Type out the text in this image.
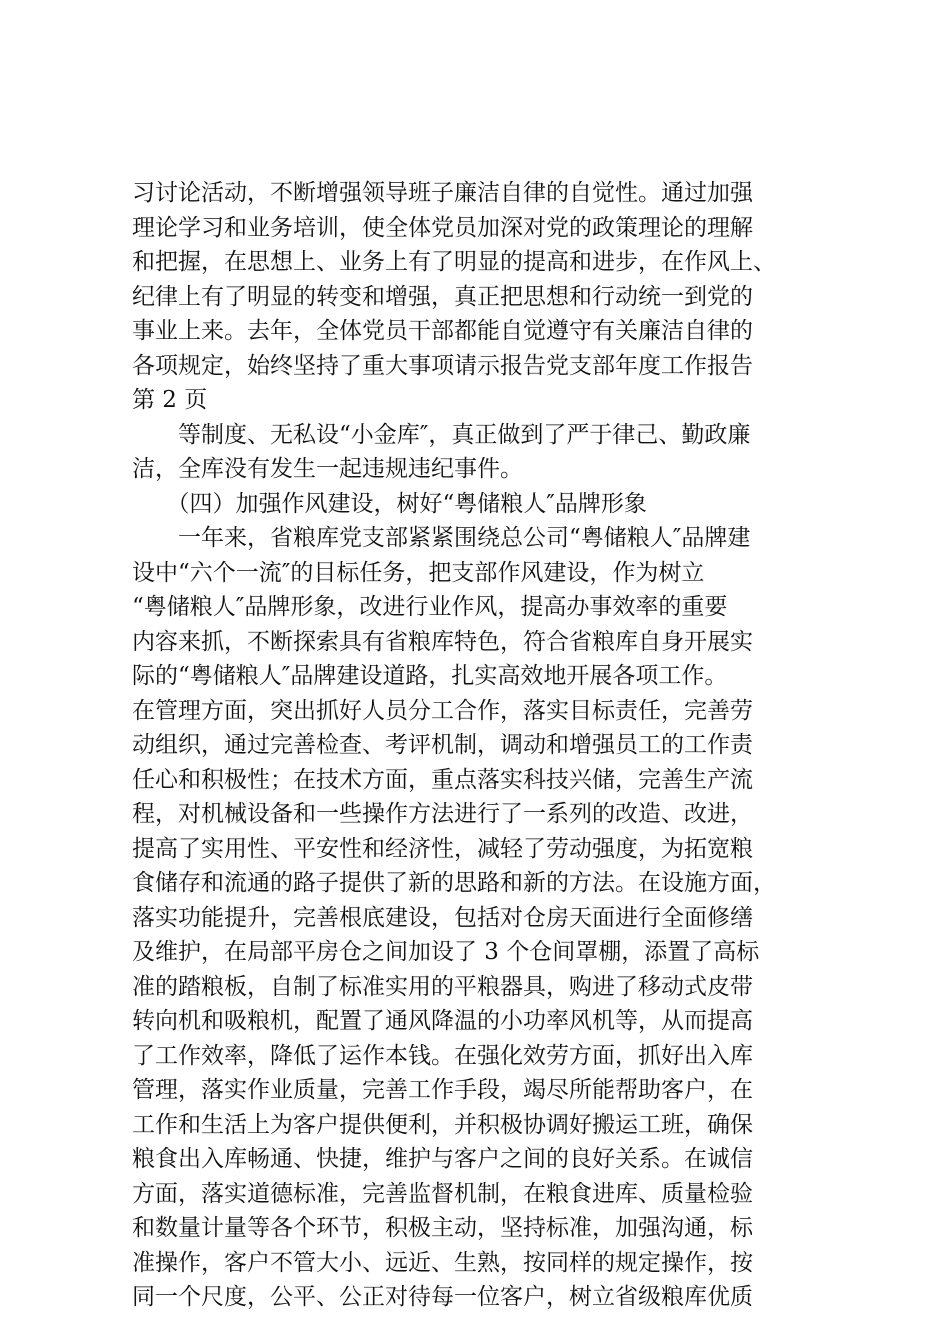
习讨论活动，不断增强领导班子廉洁自律的自觉性。通过加强
理论学习和业务培训，使全体党员加深对党的政策理论的理解
和把握，在思想上、业务上有了明显的提高和进步，在作风上、
纪律上有了明显的转变和增强，真正把思想和行动统一到党的
事业上来。去年，全体党员干部都能自觉遵守有关廉洁自律的
各项规定，始终坚持了重大事项请示报告党支部年度工作报告
第 2 页
　　等制度、无私设“小金库″，真正做到了严于律己、勤政廉
洁，全库没有发生一起违规违纪事件。
　　（四）加强作风建设，树好“粤储粮人″品牌形象
　　一年来，省粮库党支部紧紧围绕总公司“粤储粮人″品牌建
设中“六个一流″的目标任务，把支部作风建设，作为树立
“粤储粮人″品牌形象，改进行业作风，提高办事效率的重要
内容来抓，不断探索具有省粮库特色，符合省粮库自身开展实
际的“粤储粮人″品牌建设道路，扎实高效地开展各项工作。
在管理方面，突出抓好人员分工合作，落实目标责任，完善劳
动组织，通过完善检查、考评机制，调动和增强员工的工作责
任心和积极性；在技术方面，重点落实科技兴储，完善生产流
程，对机械设备和一些操作方法进行了一系列的改造、改进，
提高了实用性、平安性和经济性，减轻了劳动强度，为拓宽粮
食储存和流通的路子提供了新的思路和新的方法。在设施方面，
落实功能提升，完善根底建设，包括对仓房天面进行全面修缮
及维护，在局部平房仓之间加设了 3 个仓间罩棚，添置了高标
准的踏粮板，自制了标准实用的平粮器具，购进了移动式皮带
转向机和吸粮机，配置了通风降温的小功率风机等，从而提高
了工作效率，降低了运作本钱。在强化效劳方面，抓好出入库
管理，落实作业质量，完善工作手段，竭尽所能帮助客户，在
工作和生活上为客户提供便利，并积极协调好搬运工班，确保
粮食出入库畅通、快捷，维护与客户之间的良好关系。在诚信
方面，落实道德标准，完善监督机制，在粮食进库、质量检验
和数量计量等各个环节，积极主动，坚持标准，加强沟通，标
准操作，客户不管大小、远近、生熟，按同样的规定操作，按
同一个尺度，公平、公正对待每一位客户，树立省级粮库优质
